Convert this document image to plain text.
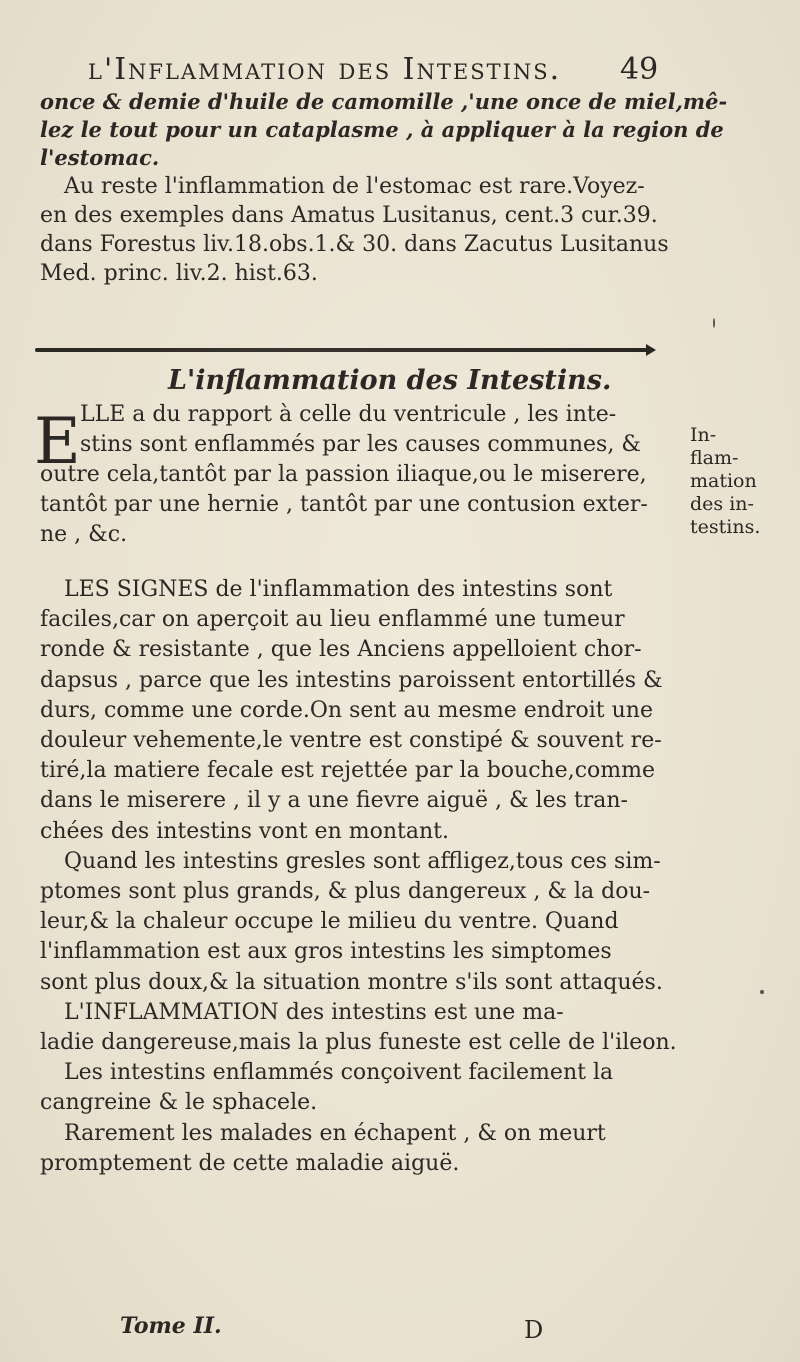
l'Inflammation des Intestins. 49
once & demie d'huile de camomille ,'une once de miel,mê-
lez le tout pour un cataplasme , à appliquer à la region de
l'estomac.
Au reste l'inflammation de l'estomac est rare.Voyez-
en des exemples dans Amatus Lusitanus, cent.3 cur.39.
dans Forestus liv.18.obs.1.& 30. dans Zacutus Lusitanus
Med. princ. liv.2. hist.63.
L'inflammation des Intestins.
E LLE a du rapport à celle du ventricule , les inte-
stins sont enflammés par les causes communes, &
outre cela,tantôt par la passion iliaque,ou le miserere,
tantôt par une hernie , tantôt par une contusion exter-
ne , &c.
In-
flam-
mation
des in-
testins.
LES SIGNES de l'inflammation des intestins sont
faciles,car on aperçoit au lieu enflammé une tumeur
ronde & resistante , que les Anciens appelloient chor-
dapsus , parce que les intestins paroissent entortillés &
durs, comme une corde.On sent au mesme endroit une
douleur vehemente,le ventre est constipé & souvent re-
tiré,la matiere fecale est rejettée par la bouche,comme
dans le miserere , il y a une fievre aiguë , & les tran-
chées des intestins vont en montant.
Quand les intestins gresles sont affligez,tous ces sim-
ptomes sont plus grands, & plus dangereux , & la dou-
leur,& la chaleur occupe le milieu du ventre. Quand
l'inflammation est aux gros intestins les simptomes
sont plus doux,& la situation montre s'ils sont attaqués.
L'INFLAMMATION des intestins est une ma-
ladie dangereuse,mais la plus funeste est celle de l'ileon.
Les intestins enflammés conçoivent facilement la
cangreine & le sphacele.
Rarement les malades en échapent , & on meurt
promptement de cette maladie aiguë.
Tome II.	D
